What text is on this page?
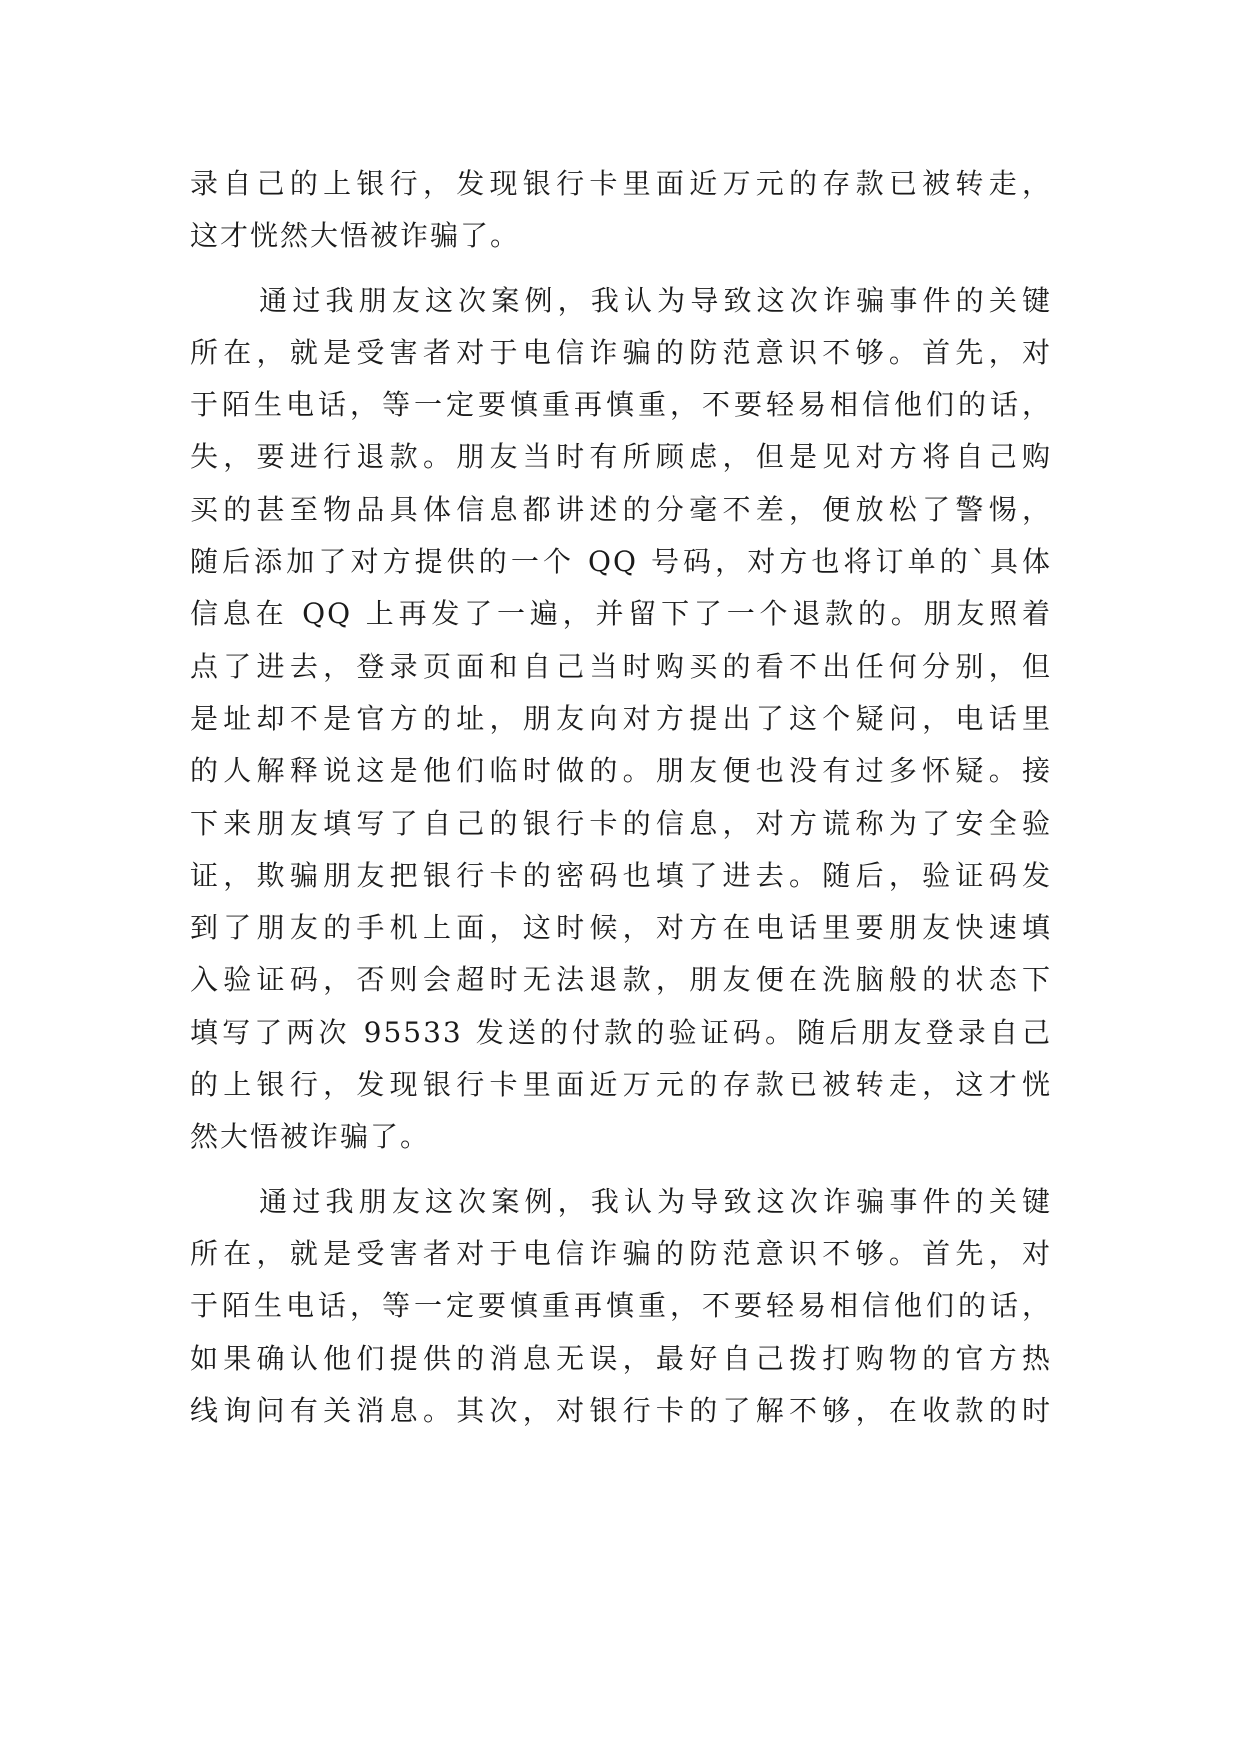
录自己的上银行，发现银行卡里面近万元的存款已被转走，
这才恍然大悟被诈骗了。
通过我朋友这次案例，我认为导致这次诈骗事件的关键
所在，就是受害者对于电信诈骗的防范意识不够。首先，对
于陌生电话，等一定要慎重再慎重，不要轻易相信他们的话，
失，要进行退款。朋友当时有所顾虑，但是见对方将自己购
买的甚至物品具体信息都讲述的分毫不差，便放松了警惕，
随后添加了对方提供的一个 QQ 号码，对方也将订单的`具体
信息在 QQ 上再发了一遍，并留下了一个退款的。朋友照着
点了进去，登录页面和自己当时购买的看不出任何分别，但
是址却不是官方的址，朋友向对方提出了这个疑问，电话里
的人解释说这是他们临时做的。朋友便也没有过多怀疑。接
下来朋友填写了自己的银行卡的信息，对方谎称为了安全验
证，欺骗朋友把银行卡的密码也填了进去。随后，验证码发
到了朋友的手机上面，这时候，对方在电话里要朋友快速填
入验证码，否则会超时无法退款，朋友便在洗脑般的状态下
填写了两次 95533 发送的付款的验证码。随后朋友登录自己
的上银行，发现银行卡里面近万元的存款已被转走，这才恍
然大悟被诈骗了。
通过我朋友这次案例，我认为导致这次诈骗事件的关键
所在，就是受害者对于电信诈骗的防范意识不够。首先，对
于陌生电话，等一定要慎重再慎重，不要轻易相信他们的话，
如果确认他们提供的消息无误，最好自己拨打购物的官方热
线询问有关消息。其次，对银行卡的了解不够，在收款的时
